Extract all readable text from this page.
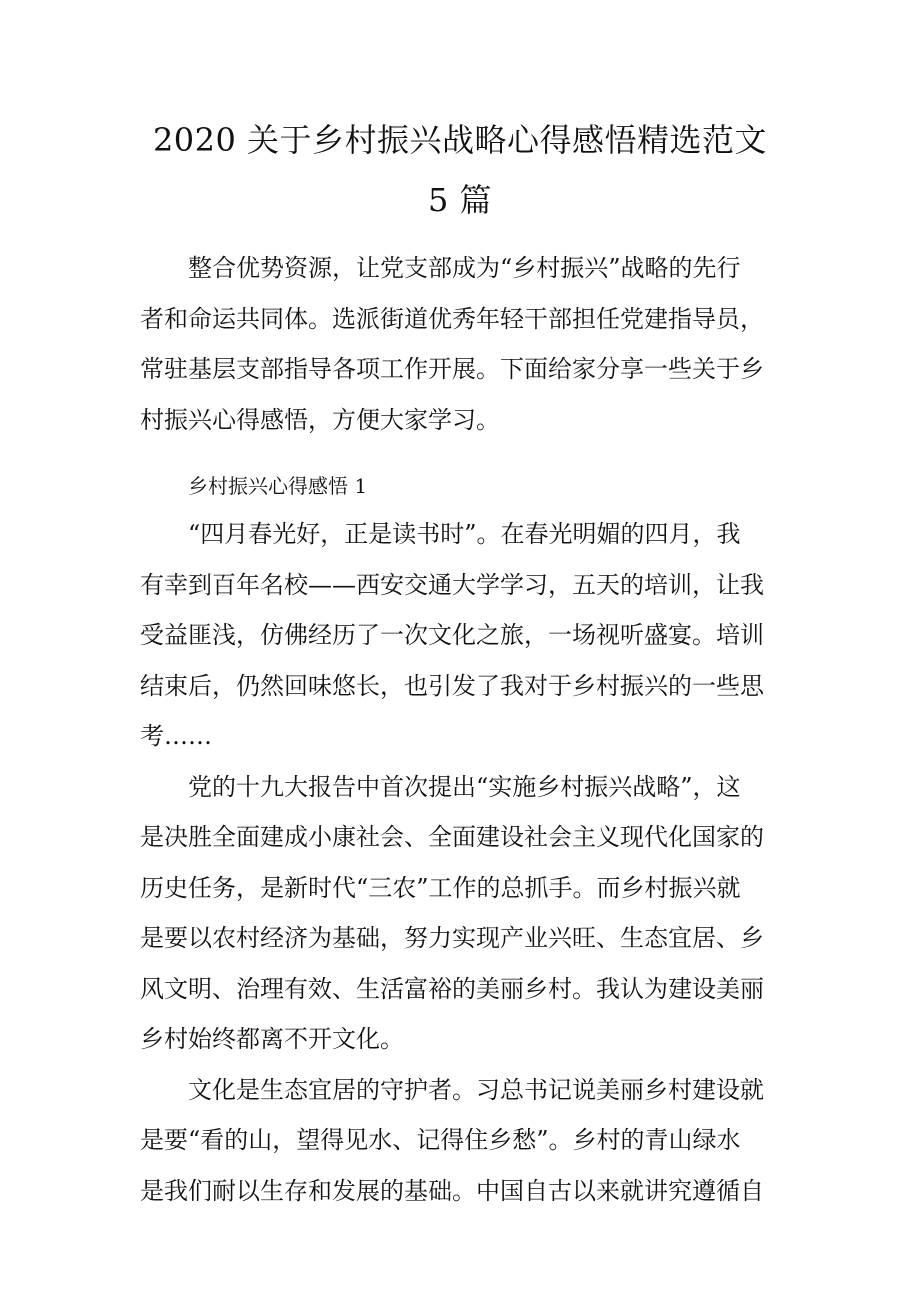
2020 关于乡村振兴战略心得感悟精选范文
5 篇
整合优势资源，让党支部成为“乡村振兴”战略的先行
者和命运共同体。选派街道优秀年轻干部担任党建指导员，
常驻基层支部指导各项工作开展。下面给家分享一些关于乡
村振兴心得感悟，方便大家学习。
乡村振兴心得感悟 1
“四月春光好，正是读书时”。在春光明媚的四月，我
有幸到百年名校——西安交通大学学习，五天的培训，让我
受益匪浅，仿佛经历了一次文化之旅，一场视听盛宴。培训
结束后，仍然回味悠长，也引发了我对于乡村振兴的一些思
考……
党的十九大报告中首次提出“实施乡村振兴战略”，这
是决胜全面建成小康社会、全面建设社会主义现代化国家的
历史任务，是新时代“三农”工作的总抓手。而乡村振兴就
是要以农村经济为基础，努力实现产业兴旺、生态宜居、乡
风文明、治理有效、生活富裕的美丽乡村。我认为建设美丽
乡村始终都离不开文化。
文化是生态宜居的守护者。习总书记说美丽乡村建设就
是要“看的山，望得见水、记得住乡愁”。乡村的青山绿水
是我们耐以生存和发展的基础。中国自古以来就讲究遵循自
